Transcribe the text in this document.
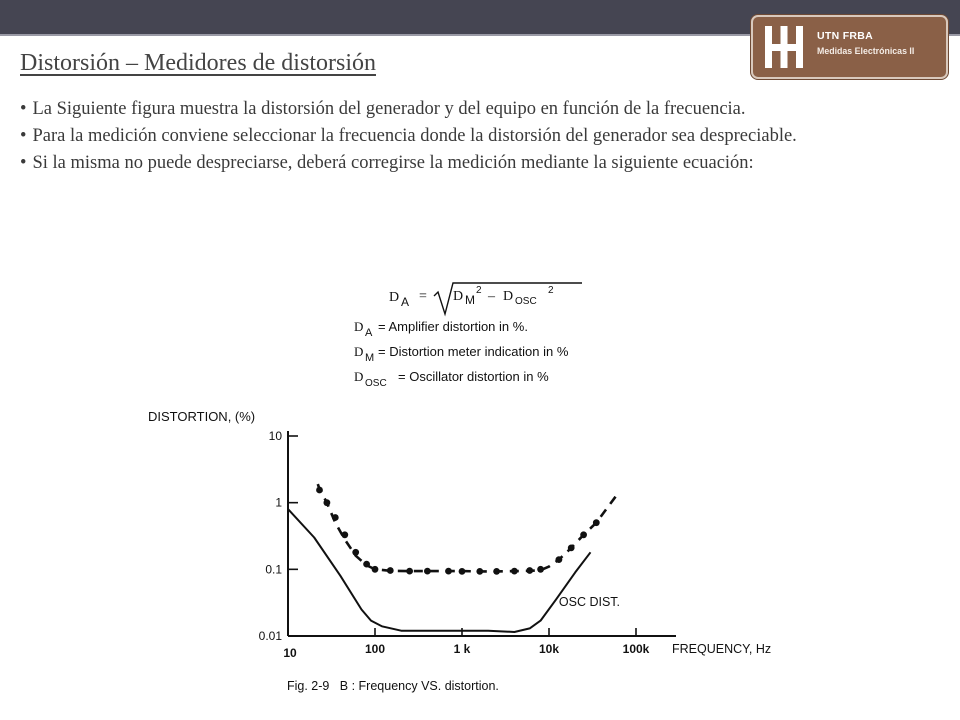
UTN FRBA
Medidas Electrónicas II
Distorsión – Medidores de distorsión
• La Siguiente figura muestra la distorsión del generador y del equipo en función de la frecuencia.
• Para la medición conviene seleccionar la frecuencia donde la distorsión del generador sea despreciable.
• Si la misma no puede despreciarse, deberá corregirse la medición mediante la siguiente ecuación:
D A = D M
2 – D OSC
2
D A = Amplifier distortion in %.
D M = Distortion meter indication in %
D OSC = Oscillator distortion in %
DISTORTION, (%)
FREQUENCY, Hz
Fig. 2-9   B : Frequency VS. distortion.
0.01
0.1
1
10
10	100	1 k	10k	100k
OSC DIST.
